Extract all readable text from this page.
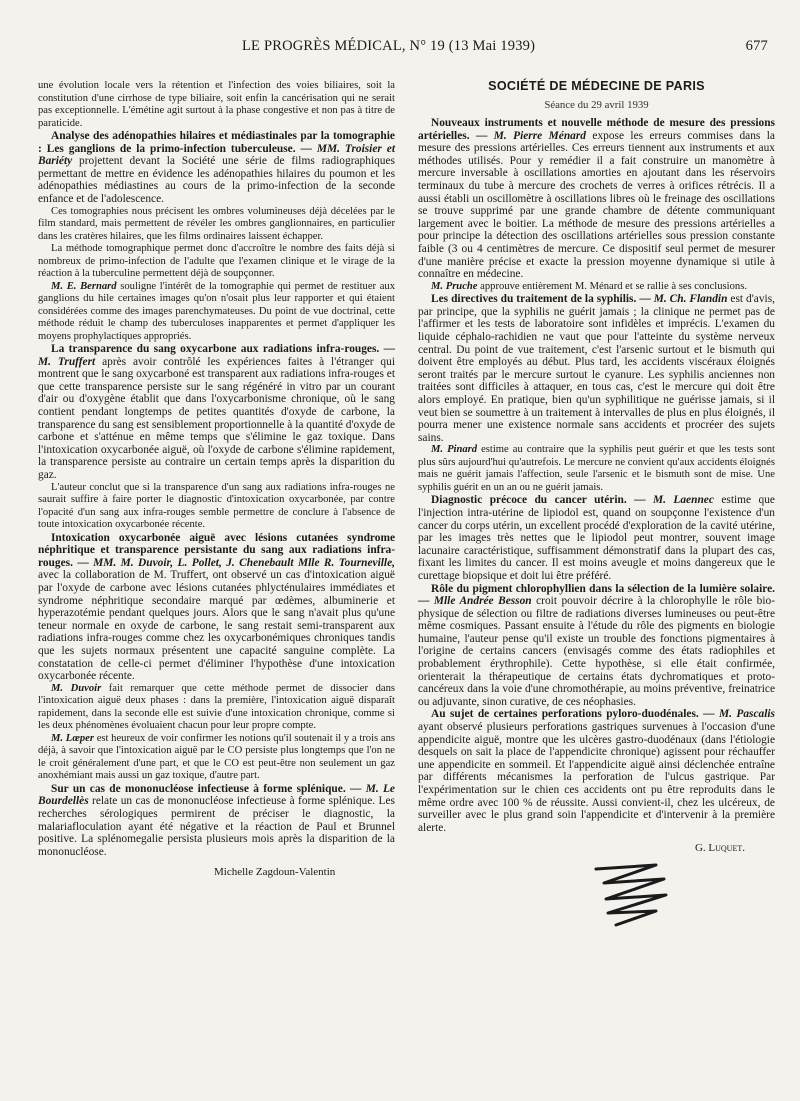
LE PROGRÈS MÉDICAL, N° 19 (13 Mai 1939)	677

une évolution locale vers la rétention et l'infection des voies biliaires, soit la constitution d'une cirrhose de type biliaire, soit enfin la cancérisation qui ne serait pas exceptionnelle. L'émétine agit surtout à la phase congestive et non pas à titre de paraticide.

Analyse des adénopathies hilaires et médiastinales par la tomographie : Les ganglions de la primo-infection tuberculeuse. — MM. Troisier et Bariéty projettent devant la Société une série de films radiographiques permettant de mettre en évidence les adénopathies hilaires du poumon et les adénopathies médiastines au cours de la primo-infection de la seconde enfance et de l'adolescence.

Ces tomographies nous précisent les ombres volumineuses déjà décelées par le film standard, mais permettent de révéler les ombres ganglionnaires, en particulier dans les cratères hilaires, que les films ordinaires laissent échapper.

La méthode tomographique permet donc d'accroître le nombre des faits déjà si nombreux de primo-infection de l'adulte que l'examen clinique et le virage de la réaction à la tuberculine permettent déjà de soupçonner.

M. E. Bernard souligne l'intérêt de la tomographie qui permet de restituer aux ganglions du hile certaines images qu'on n'osait plus leur rapporter et qui étaient considérées comme des images parenchymateuses. Du point de vue doctrinal, cette méthode réduit le champ des tuberculoses inapparentes et permet d'appliquer les moyens prophylactiques appropriés.

La transparence du sang oxycarbone aux radiations infra-rouges. — M. Truffert après avoir contrôlé les expériences faites à l'étranger qui montrent que le sang oxycarboné est transparent aux radiations infra-rouges et que cette transparence persiste sur le sang régénéré in vitro par un courant d'air ou d'oxygène établit que dans l'oxycarbonisme chronique, où le sang contient pendant longtemps de petites quantités d'oxyde de carbone, la transparence du sang est sensiblement proportionnelle à la quantité d'oxyde de carbone et s'atténue en même temps que s'élimine le gaz toxique. Dans l'intoxication oxycarbonée aiguë, où l'oxyde de carbone s'élimine rapidement, la transparence persiste au contraire un certain temps après la disparition du gaz.

L'auteur conclut que si la transparence d'un sang aux radiations infra-rouges ne saurait suffire à faire porter le diagnostic d'intoxication oxycarbonée, par contre l'opacité d'un sang aux infra-rouges semble permettre de conclure à l'absence de toute intoxication oxycarbonée récente.

Intoxication oxycarbonée aiguë avec lésions cutanées syndrome néphritique et transparence persistante du sang aux radiations infra-rouges. — MM. M. Duvoir, L. Pollet, J. Chenebault Mlle R. Tourneville, avec la collaboration de M. Truffert, ont observé un cas d'intoxication aiguë par l'oxyde de carbone avec lésions cutanées phlycténulaires immédiates et syndrome néphritique secondaire marqué par œdèmes, albuminerie et hyperazotémie pendant quelques jours. Alors que le sang n'avait plus qu'une teneur normale en oxyde de carbone, le sang restait semi-transparent aux radiations infra-rouges comme chez les oxycarbonémiques chroniques tandis que les sujets normaux présentent une capacité sanguine complète. La constatation de celle-ci permet d'éliminer l'hypothèse d'une intoxication oxycarbonée récente.

M. Duvoir fait remarquer que cette méthode permet de dissocier dans l'intoxication aiguë deux phases : dans la première, l'intoxication aiguë disparaît rapidement, dans la seconde elle est suivie d'une intoxication chronique, comme si les deux phénomènes évoluaient chacun pour leur propre compte.

M. Lœper est heureux de voir confirmer les notions qu'il soutenait il y a trois ans déjà, à savoir que l'intoxication aiguë par le CO persiste plus longtemps que l'on ne le croit généralement d'une part, et que le CO est peut-être non seulement un gaz anoxhémiant mais aussi un gaz toxique, d'autre part.

Sur un cas de mononucléose infectieuse à forme splénique. — M. Le Bourdellès relate un cas de mononucléose infectieuse à forme splénique. Les recherches sérologiques permirent de préciser le diagnostic, la malariafloculation ayant été négative et la réaction de Paul et Brunnel positive. La splénomegalie persista plusieurs mois après la disparition de la mononucléose.

Michelle Zagdoun-Valentin
SOCIÉTÉ DE MÉDECINE DE PARIS
Séance du 29 avril 1939

Nouveaux instruments et nouvelle méthode de mesure des pressions artérielles. — M. Pierre Ménard expose les erreurs commises dans la mesure des pressions artérielles. Ces erreurs tiennent aux instruments et aux méthodes utilisés. Pour y remédier il a fait construire un manomètre à mercure inversable à oscillations amorties en ajoutant dans les réservoirs terminaux du tube à mercure des crochets de verres à orifices rétrécis. Il a aussi établi un oscillomètre à oscillations libres où le freinage des oscillations se trouve supprimé par une grande chambre de détente communiquant largement avec le boitier. La méthode de mesure des pressions artérielles a pour principe la détection des oscillations artérielles sous pression constante faible (3 ou 4 centimètres de mercure. Ce dispositif seul permet de mesurer d'une manière précise et exacte la pression moyenne dynamique si utile à connaître en médecine.

M. Pruche approuve entièrement M. Ménard et se rallie à ses conclusions.

Les directives du traitement de la syphilis. — M. Ch. Flandin est d'avis, par principe, que la syphilis ne guérit jamais ; la clinique ne permet pas de l'affirmer et les tests de laboratoire sont infidèles et imprécis. L'examen du liquide céphalo-rachidien ne vaut que pour l'atteinte du système nerveux central. Du point de vue traitement, c'est l'arsenic surtout et le bismuth qui doivent être employés au début. Plus tard, les accidents viscéraux éloignés seront traités par le mercure surtout le cyanure. Les syphilis anciennes non traitées sont difficiles à attaquer, en tous cas, c'est le mercure qui doit être alors employé. En pratique, bien qu'un syphilitique ne guérisse jamais, si il veut bien se soumettre à un traitement à intervalles de plus en plus éloignés, il pourra mener une existence normale sans accidents et procréer des sujets sains.

M. Pinard estime au contraire que la syphilis peut guérir et que les tests sont plus sûrs aujourd'hui qu'autrefois. Le mercure ne convient qu'aux accidents éloignés mais ne guérit jamais l'affection, seule l'arsenic et le bismuth sont de mise. Une syphilis guérit en un an ou ne guérit jamais.

Diagnostic précoce du cancer utérin. — M. Laennec estime que l'injection intra-utérine de lipiodol est, quand on soupçonne l'existence d'un cancer du corps utérin, un excellent procédé d'exploration de la cavité utérine, par les images très nettes que le lipiodol peut montrer, souvent image lacunaire caractéristique, suffisamment démonstratif dans la plupart des cas, fixant les limites du cancer. Il est moins aveugle et moins dangereux que le curettage biopsique et doit lui être préféré.

Rôle du pigment chlorophyllien dans la sélection de la lumière solaire. — Mlle Andrée Besson croit pouvoir décrire à la chlorophylle le rôle bio-physique de sélection ou filtre de radiations diverses lumineuses ou peut-être même cosmiques. Passant ensuite à l'étude du rôle des pigments en biologie humaine, l'auteur pense qu'il existe un trouble des fonctions pigmentaires à l'origine de certains cancers (envisagés comme des états radiophiles et probablement érythrophile). Cette hypothèse, si elle était confirmée, orienterait la thérapeutique de certains états dychromatiques et proto-cancéreux dans la voie d'une chromothérapie, au moins préventive, freinatrice ou adjuvante, sinon curative, de ces néophasies.

Au sujet de certaines perforations pyloro-duodénales. — M. Pascalis ayant observé plusieurs perforations gastriques survenues à l'occasion d'une appendicite aiguë, montre que les ulcères gastro-duodénaux (dans l'étiologie desquels on sait la place de l'appendicite chronique) agissent pour réchauffer une appendicite en sommeil. Et l'appendicite aiguë ainsi déclenchée entraîne par différents mécanismes la perforation de l'ulcus gastrique. Par l'expérimentation sur le chien ces accidents ont pu être reproduits dans le même ordre avec 100 % de réussite. Aussi convient-il, chez les ulcéreux, de surveiller avec le plus grand soin l'appendicite et d'intervenir à la première alerte.

G. Luquet.
